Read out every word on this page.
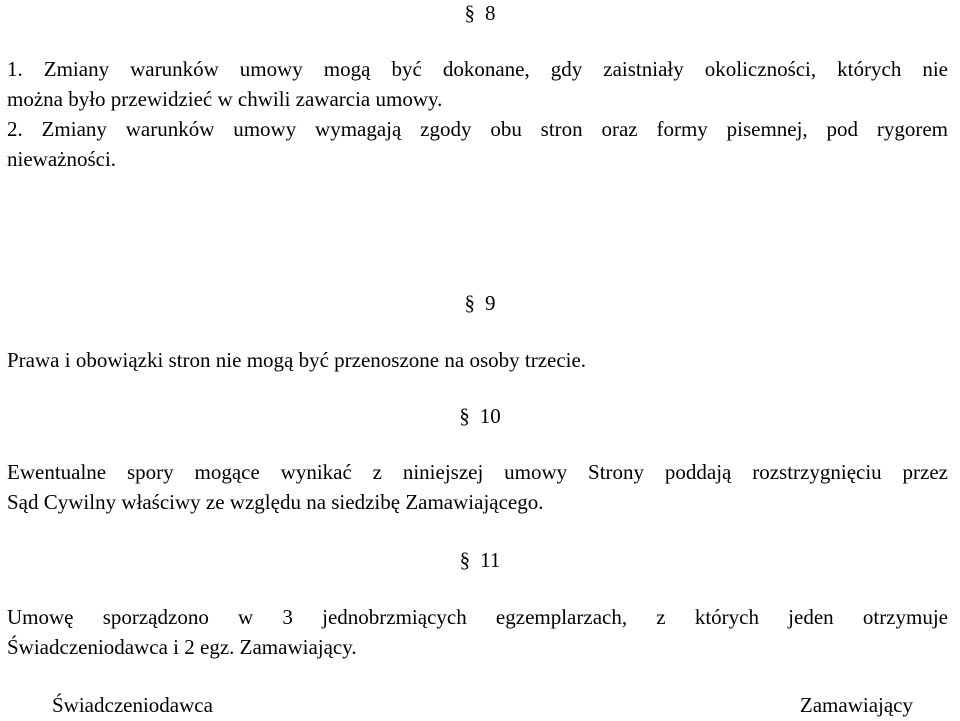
§ 8
1. Zmiany warunków umowy mogą być dokonane, gdy zaistniały okoliczności, których nie
można było przewidzieć w chwili zawarcia umowy.
2. Zmiany warunków umowy wymagają zgody obu stron oraz formy pisemnej, pod rygorem
nieważności.
§ 9
Prawa i obowiązki stron nie mogą być przenoszone na osoby trzecie.
§ 10
Ewentualne spory mogące wynikać z niniejszej umowy Strony poddają rozstrzygnięciu przez
Sąd Cywilny właściwy ze względu na siedzibę Zamawiającego.
§ 11
Umowę sporządzono w 3 jednobrzmiących egzemplarzach, z których jeden otrzymuje
Świadczeniodawca i 2 egz. Zamawiający.
Świadczeniodawca	Zamawiający
